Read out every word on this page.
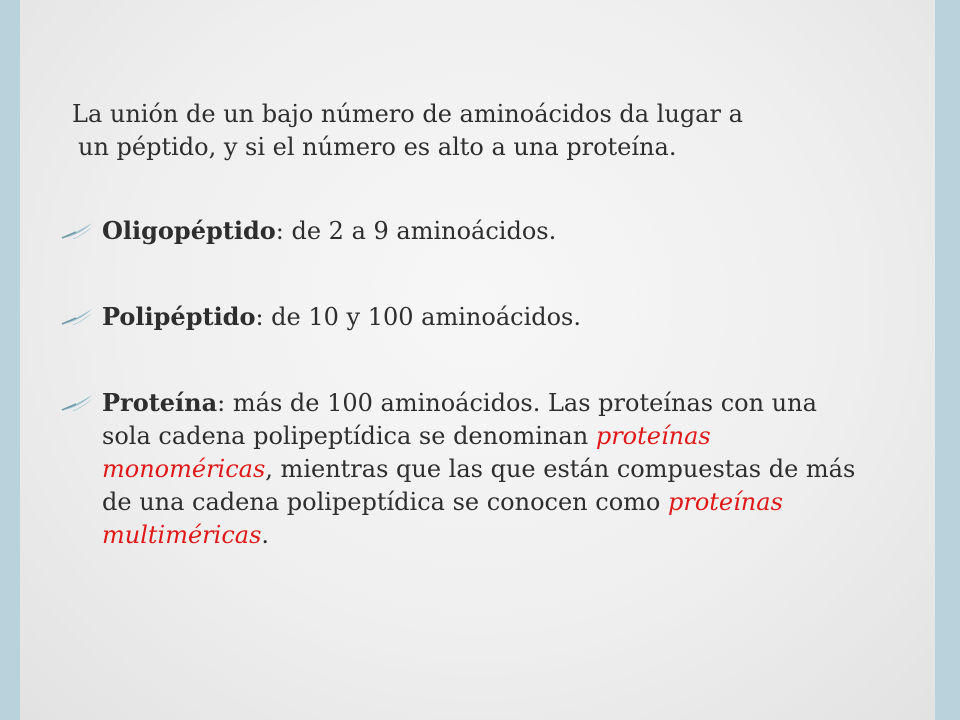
La unión de un bajo número de aminoácidos da lugar a
un péptido, y si el número es alto a una proteína.

Oligopéptido: de 2 a 9 aminoácidos.
Polipéptido: de 10 y 100 aminoácidos.
Proteína: más de 100 aminoácidos. Las proteínas con una sola cadena polipeptídica se denominan proteínas monoméricas, mientras que las que están compuestas de más de una cadena polipeptídica se conocen como proteínas multiméricas.
